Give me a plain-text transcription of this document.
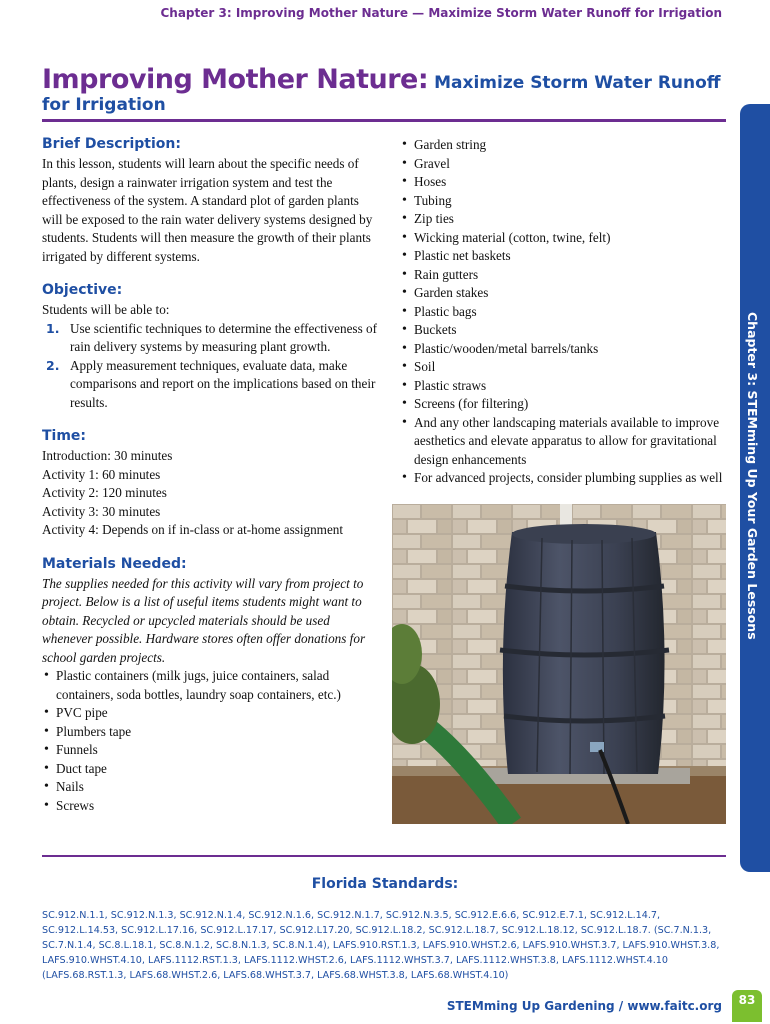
Chapter 3: Improving Mother Nature — Maximize Storm Water Runoff for Irrigation
Improving Mother Nature: Maximize Storm Water Runoff for Irrigation
Chapter 3: STEMming Up Your Garden Lessons
Brief Description:

In this lesson, students will learn about the specific needs of plants, design a rainwater irrigation system and test the effectiveness of the system. A standard plot of garden plants will be exposed to the rain water delivery systems designed by students. Students will then measure the growth of their plants irrigated by different systems.

Objective:

Students will be able to:

1. Use scientific techniques to determine the effectiveness of rain delivery systems by measuring plant growth.
2. Apply measurement techniques, evaluate data, make comparisons and report on the implications based on their results.
Time:
Introduction: 30 minutes
Activity 1: 60 minutes
Activity 2: 120 minutes
Activity 3: 30 minutes
Activity 4: Depends on if in-class or at-home assignment
Materials Needed:

The supplies needed for this activity will vary from project to project. Below is a list of useful items students might want to obtain. Recycled or upcycled materials should be used whenever possible. Hardware stores often offer donations for school garden projects.

• Plastic containers (milk jugs, juice containers, salad containers, soda bottles, laundry soap containers, etc.)
• PVC pipe
• Plumbers tape
• Funnels
• Duct tape
• Nails
• Screws
• Garden string
• Gravel
• Hoses
• Tubing
• Zip ties
• Wicking material (cotton, twine, felt)
• Plastic net baskets
• Rain gutters
• Garden stakes
• Plastic bags
• Buckets
• Plastic/wooden/metal barrels/tanks
• Soil
• Plastic straws
• Screens (for filtering)
• And any other landscaping materials available to improve aesthetics and elevate apparatus to allow for gravitational design enhancements
• For advanced projects, consider plumbing supplies as well
Florida Standards:
SC.912.N.1.1, SC.912.N.1.3, SC.912.N.1.4, SC.912.N.1.6, SC.912.N.1.7, SC.912.N.3.5, SC.912.E.6.6, SC.912.E.7.1, SC.912.L.14.7, SC.912.L.14.53, SC.912.L.17.16, SC.912.L.17.17, SC.912.L17.20, SC.912.L.18.2, SC.912.L.18.7, SC.912.L.18.12, SC.912.L.18.7. (SC.7.N.1.3, SC.7.N.1.4, SC.8.L.18.1, SC.8.N.1.2, SC.8.N.1.3, SC.8.N.1.4), LAFS.910.RST.1.3, LAFS.910.WHST.2.6, LAFS.910.WHST.3.7, LAFS.910.WHST.3.8, LAFS.910.WHST.4.10, LAFS.1112.RST.1.3, LAFS.1112.WHST.2.6, LAFS.1112.WHST.3.7, LAFS.1112.WHST.3.8, LAFS.1112.WHST.4.10 (LAFS.68.RST.1.3, LAFS.68.WHST.2.6, LAFS.68.WHST.3.7, LAFS.68.WHST.3.8, LAFS.68.WHST.4.10)
STEMming Up Gardening / www.faitc.org	83
